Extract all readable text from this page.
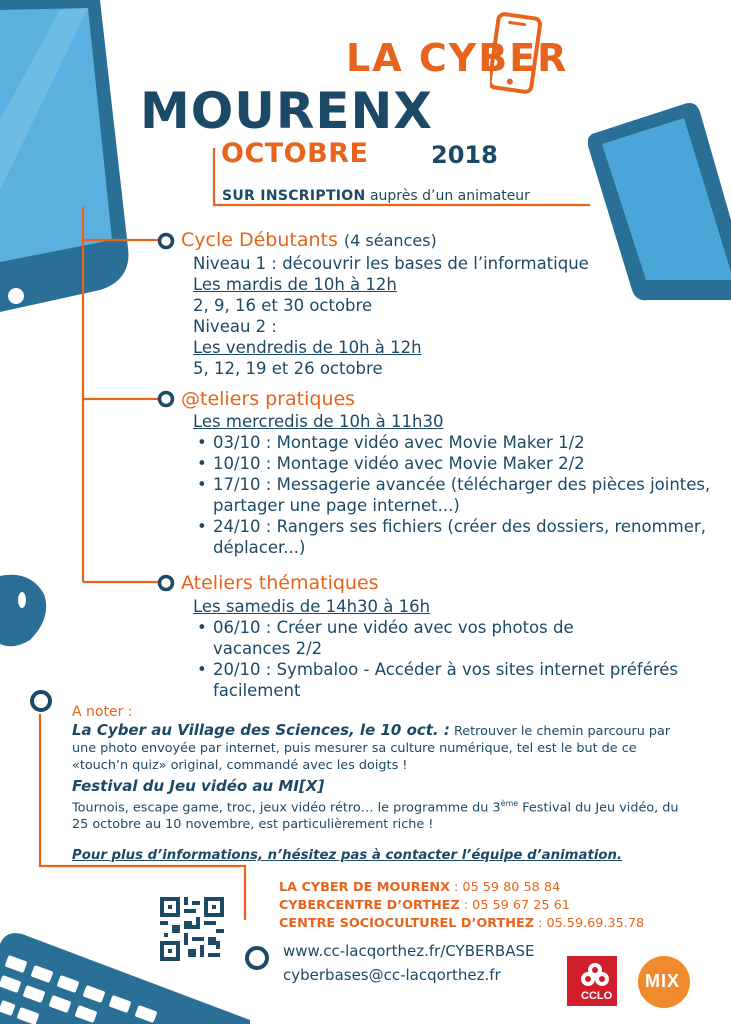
LA CYBER
MOURENX
OCTOBRE	2018
SUR INSCRIPTION auprès d’un animateur
Cycle Débutants (4 séances)
Niveau 1 : découvrir les bases de l’informatique
Les mardis de 10h à 12h
2, 9, 16 et 30 octobre
Niveau 2 :
Les vendredis de 10h à 12h
5, 12, 19 et 26 octobre
@teliers pratiques
Les mercredis de 10h à 11h30
• 03/10 : Montage vidéo avec Movie Maker 1/2
• 10/10 : Montage vidéo avec Movie Maker 2/2
• 17/10 : Messagerie avancée (télécharger des pièces jointes, partager une page internet...)
• 24/10 : Rangers ses fichiers (créer des dossiers, renommer, déplacer...)
Ateliers thématiques
Les samedis de 14h30 à 16h
• 06/10 : Créer une vidéo avec vos photos de vacances 2/2
• 20/10 : Symbaloo - Accéder à vos sites internet préférés facilement
A noter :
La Cyber au Village des Sciences, le 10 oct. : Retrouver le chemin parcouru par une photo envoyée par internet, puis mesurer sa culture numérique, tel est le but de ce «touch’n quiz» original, commandé avec les doigts !
Festival du Jeu vidéo au MI[X]
Tournois, escape game, troc, jeux vidéo rétro… le programme du 3ème Festival du Jeu vidéo, du 25 octobre au 10 novembre, est particulièrement riche !
Pour plus d’informations, n’hésitez pas à contacter l’équipe d’animation.
LA CYBER DE MOURENX : 05 59 80 58 84
CYBERCENTRE D’ORTHEZ : 05 59 67 25 61
CENTRE SOCIOCULTUREL D’ORTHEZ : 05.59.69.35.78
www.cc-lacqorthez.fr/CYBERBASE
cyberbases@cc-lacqorthez.fr
CCLO
MIX
